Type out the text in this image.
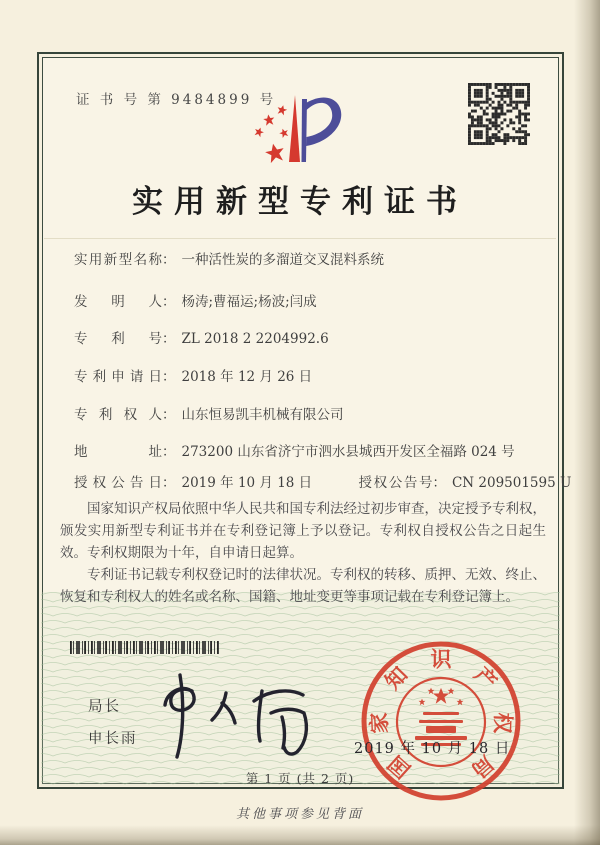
证 书 号 第 9484899 号
实用新型专利证书
实用新型名称： 一种活性炭的多溜道交叉混料系统
发明人： 杨涛;曹福运;杨波;闫成
专利号： ZL 2018 2 2204992.6
专利申请日： 2018 年 12 月 26 日
专利权人： 山东恒易凯丰机械有限公司
地址： 273200 山东省济宁市泗水县城西开发区全福路 024 号
授权公告日： 2019 年 10 月 18 日	授权公告号： CN 209501595 U

国家知识产权局依照中华人民共和国专利法经过初步审查，决定授予专利权，颁发实用新型专利证书并在专利登记簿上予以登记。专利权自授权公告之日起生效。专利权期限为十年，自申请日起算。

专利证书记载专利权登记时的法律状况。专利权的转移、质押、无效、终止、恢复和专利权人的姓名或名称、国籍、地址变更等事项记载在专利登记簿上。

局长
申长雨
国
家
知
识
产
权
局
2019 年 10 月 18 日
第 1 页 (共 2 页)
其他事项参见背面
